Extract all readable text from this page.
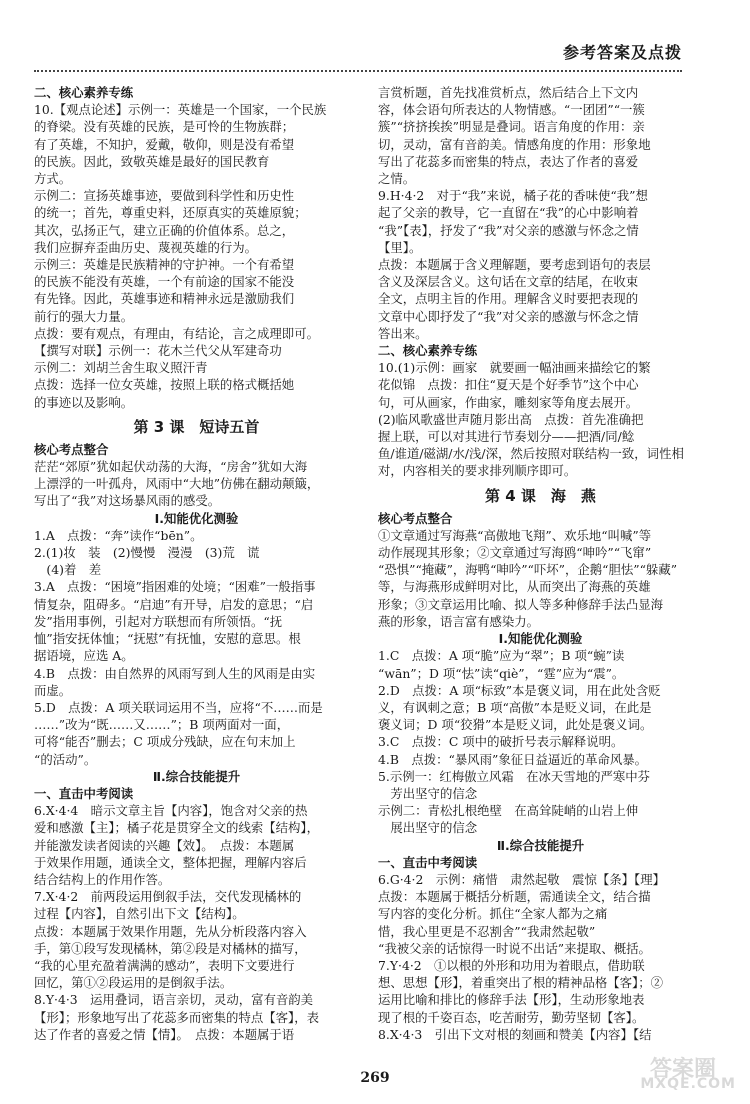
参考答案及点拨
二、核心素养专练
10.【观点论述】示例一：英雄是一个国家，一个民族
的脊梁。没有英雄的民族，是可怜的生物族群；
有了英雄，不知护，爱戴，敬仰，则是没有希望
的民族。因此，致敬英雄是最好的国民教育
方式。
示例二：宣扬英雄事迹，要做到科学性和历史性
的统一；首先，尊重史料，还原真实的英雄原貌；
其次，弘扬正气，建立正确的价值体系。总之，
我们应摒弃歪曲历史、蔑视英雄的行为。
示例三：英雄是民族精神的守护神。一个有希望
的民族不能没有英雄，一个有前途的国家不能没
有先锋。因此，英雄事迹和精神永远是激励我们
前行的强大力量。
点拨：要有观点，有理由，有结论，言之成理即可。
【撰写对联】示例一：花木兰代父从军建奇功
示例二：刘胡兰舍生取义照汗青
点拨：选择一位女英雄，按照上联的格式概括她
的事迹以及影响。
第 3 课　短诗五首
核心考点整合
茫茫“郊原”犹如起伏动荡的大海，“房舍”犹如大海
上漂浮的一叶孤舟，风雨中“大地”仿佛在翻动颠簸，
写出了“我”对这场暴风雨的感受。
Ⅰ.知能优化测验
1.A　点拨：“奔”读作“bēn”。
2.(1)妆　装　(2)慢慢　漫漫　(3)荒　谎
　(4)着　差
3.A　点拨：“困境”指困难的处境；“困难”一般指事
情复杂，阻碍多。“启迪”有开导，启发的意思；“启
发”指用事例，引起对方联想而有所领悟。“抚
恤”指安抚体恤；“抚慰”有抚恤，安慰的意思。根
据语境，应选 A。
4.B　点拨：由自然界的风雨写到人生的风雨是由实
而虚。
5.D　点拨：A 项关联词运用不当，应将“不……而是
……”改为“既……又……”；B 项两面对一面，
可将“能否”删去；C 项成分残缺，应在句末加上
“的活动”。
Ⅱ.综合技能提升
一、直击中考阅读
6.X·4·4　暗示文章主旨【内容】，饱含对父亲的热
爱和感激【主】；橘子花是贯穿全文的线索【结构】，
并能激发读者阅读的兴趣【效】。　点拨：本题属
于效果作用题，通读全文，整体把握，理解内容后
结合结构上的作用作答。
7.X·4·2　前两段运用倒叙手法，交代发现橘林的
过程【内容】，自然引出下文【结构】。
点拨：本题属于效果作用题，先从分析段落内容入
手，第①段写发现橘林，第②段是对橘林的描写，
“我的心里充盈着满满的感动”，表明下文要进行
回忆，第①②段运用的是倒叙手法。
8.Y·4·3　运用叠词，语言亲切，灵动，富有音韵美
【形】；形象地写出了花蕊多而密集的特点【客】，表
达了作者的喜爱之情【情】。　点拨：本题属于语
言赏析题，首先找准赏析点，然后结合上下文内
容，体会语句所表达的人物情感。“一团团”“一簇
簇”“挤挤挨挨”明显是叠词。语言角度的作用：亲
切，灵动，富有音韵美。情感角度的作用：形象地
写出了花蕊多而密集的特点，表达了作者的喜爱
之情。
9.H·4·2　对于“我”来说，橘子花的香味使“我”想
起了父亲的教导，它一直留在“我”的心中影响着
“我”【表】，抒发了“我”对父亲的感激与怀念之情
【里】。
点拨：本题属于含义理解题，要考虑到语句的表层
含义及深层含义。这句话在文章的结尾，在收束
全文，点明主旨的作用。理解含义时要把表现的
文章中心即抒发了“我”对父亲的感激与怀念之情
答出来。
二、核心素养专练
10.(1)示例：画家　就要画一幅油画来描绘它的繁
花似锦　点拨：扣住“夏天是个好季节”这个中心
句，可从画家，作曲家，雕刻家等角度去展开。
(2)临风歌盛世声随月影出高　点拨：首先准确把
握上联，可以对其进行节奏划分——把酒/同/鲶
鱼/谁道/磁湖/水/浅/深，然后按照对联结构一致，词性相
对，内容相关的要求排列顺序即可。
第 4 课　海　燕
核心考点整合
①文章通过写海燕“高傲地飞翔”、欢乐地“叫喊”等
动作展现其形象；②文章通过写海鸥“呻吟”“飞窜”
“恐惧”“掩藏”，海鸭“呻吟”“吓坏”，企鹅“胆怯”“躲藏”
等，与海燕形成鲜明对比，从而突出了海燕的英雄
形象；③文章运用比喻、拟人等多种修辞手法凸显海
燕的形象，语言富有感染力。
Ⅰ.知能优化测验
1.C　点拨：A 项“脆”应为“翠”；B 项“蜿”读
“wān”；D 项“怯”读“qiè”，“霆”应为“震”。
2.D　点拨：A 项“标致”本是褒义词，用在此处含贬
义，有讽刺之意；B 项“高傲”本是贬义词，在此是
褒义词；D 项“狡猾”本是贬义词，此处是褒义词。
3.C　点拨：C 项中的破折号表示解释说明。
4.B　点拨：“暴风雨”象征日益逼近的革命风暴。
5.示例一：红梅傲立风霜　在冰天雪地的严寒中芬
　芳出坚守的信念
示例二：青松扎根绝壁　在高耸陡峭的山岩上伸
　展出坚守的信念
Ⅱ.综合技能提升
一、直击中考阅读
6.G·4·2　示例：痛惜　肃然起敬　震惊【条】【理】
点拨：本题属于概括分析题，需通读全文，结合描
写内容的变化分析。抓住“全家人都为之痛
惜，我心里更是不忍割舍”“我肃然起敬”
“我被父亲的话惊得一时说不出话”来提取、概括。
7.Y·4·2　①以根的外形和功用为着眼点，借助联
想、思想【形】，着重突出了根的精神品格【客】；②
运用比喻和排比的修辞手法【形】，生动形象地表
现了根的千姿百态，吃苦耐劳，勤劳坚韧【客】。
8.X·4·3　引出下文对根的刻画和赞美【内容】【结
269	答案圈
MXQE.COM
